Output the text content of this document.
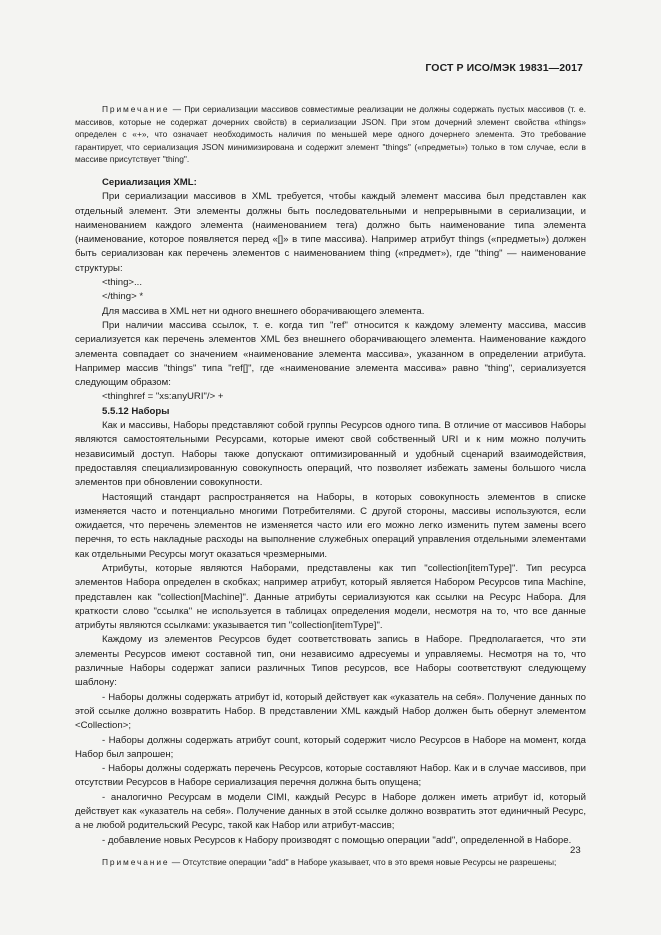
ГОСТ Р ИСО/МЭК 19831—2017

Примечание — При сериализации массивов совместимые реализации не должны содержать пустых массивов (т. е. массивов, которые не содержат дочерних свойств) в сериализации JSON. При этом дочерний элемент свойства «things» определен с «+», что означает необходимость наличия по меньшей мере одного дочернего элемента. Это требование гарантирует, что сериализация JSON минимизирована и содержит элемент "things" («предметы») только в том случае, если в массиве присутствует "thing".

Сериализация XML:

При сериализации массивов в XML требуется, чтобы каждый элемент массива был представлен как отдельный элемент. Эти элементы должны быть последовательными и непрерывными в сериализации, и наименованием каждого элемента (наименованием тега) должно быть наименование типа элемента (наименование, которое появляется перед «[]» в типе массива). Например атрибут things («предметы») должен быть сериализован как перечень элементов с наименованием thing («предмет»), где "thing" — наименование структуры:

<thing>...

</thing> *

Для массива в XML нет ни одного внешнего оборачивающего элемента.

При наличии массива ссылок, т. е. когда тип "ref" относится к каждому элементу массива, массив сериализуется как перечень элементов XML без внешнего оборачивающего элемента. Наименование каждого элемента совпадает со значением «наименование элемента массива», указанном в определении атрибута. Например массив "things" типа "ref[]", где «наименование элемента массива» равно "thing", сериализуется следующим образом:

<thinghref = "xs:anyURI"/> +

5.5.12 Наборы

Как и массивы, Наборы представляют собой группы Ресурсов одного типа. В отличие от массивов Наборы являются самостоятельными Ресурсами, которые имеют свой собственный URI и к ним можно получить независимый доступ. Наборы также допускают оптимизированный и удобный сценарий взаимодействия, предоставляя специализированную совокупность операций, что позволяет избежать замены большого числа элементов при обновлении совокупности.

Настоящий стандарт распространяется на Наборы, в которых совокупность элементов в списке изменяется часто и потенциально многими Потребителями. С другой стороны, массивы используются, если ожидается, что перечень элементов не изменяется часто или его можно легко изменить путем замены всего перечня, то есть накладные расходы на выполнение служебных операций управления отдельными элементами как отдельными Ресурсы могут оказаться чрезмерными.

Атрибуты, которые являются Наборами, представлены как тип "collection[itemType]". Тип ресурса элементов Набора определен в скобках; например атрибут, который является Набором Ресурсов типа Machine, представлен как "collection[Machine]". Данные атрибуты сериализуются как ссылки на Ресурс Набора. Для краткости слово "ссылка" не используется в таблицах определения модели, несмотря на то, что все данные атрибуты являются ссылками: указывается тип "collection[itemType]".

Каждому из элементов Ресурсов будет соответствовать запись в Наборе. Предполагается, что эти элементы Ресурсов имеют составной тип, они независимо адресуемы и управляемы. Несмотря на то, что различные Наборы содержат записи различных Типов ресурсов, все Наборы соответствуют следующему шаблону:

- Наборы должны содержать атрибут id, который действует как «указатель на себя». Получение данных по этой ссылке должно возвратить Набор. В представлении XML каждый Набор должен быть обернут элементом <Collection>;

- Наборы должны содержать атрибут count, который содержит число Ресурсов в Наборе на момент, когда Набор был запрошен;

- Наборы должны содержать перечень Ресурсов, которые составляют Набор. Как и в случае массивов, при отсутствии Ресурсов в Наборе сериализация перечня должна быть опущена;

- аналогично Ресурсам в модели CIMI, каждый Ресурс в Наборе должен иметь атрибут id, который действует как «указатель на себя». Получение данных в этой ссылке должно возвратить этот единичный Ресурс, а не любой родительский Ресурс, такой как Набор или атрибут-массив;

- добавление новых Ресурсов к Набору производят с помощью операции "add", определенной в Наборе.

Примечание — Отсутствие операции "add" в Наборе указывает, что в это время новые Ресурсы не разрешены;

23
